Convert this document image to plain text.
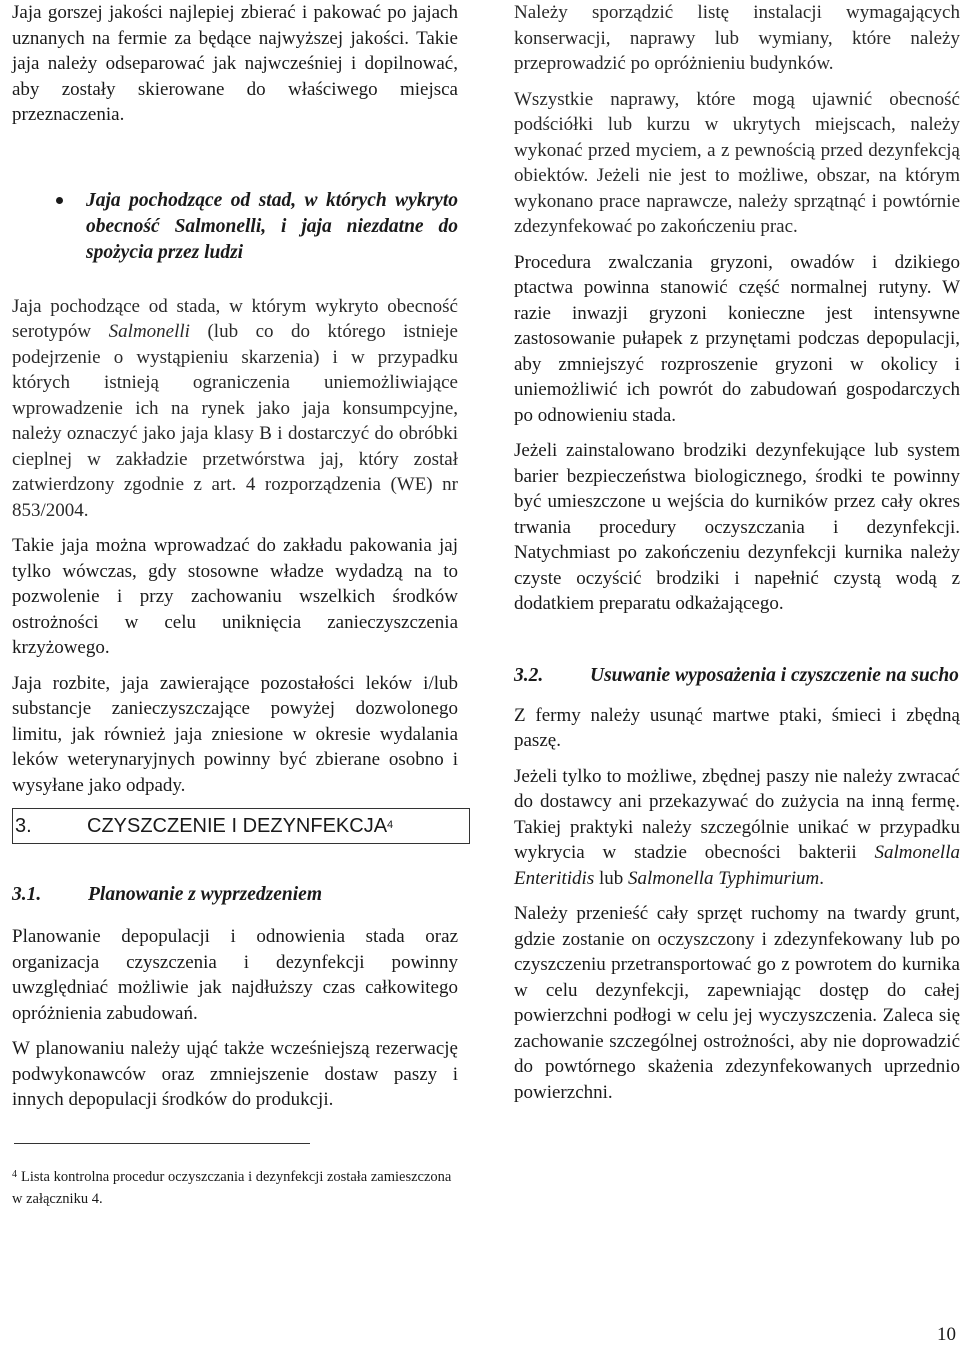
Jaja gorszej jakości najlepiej zbierać i pakować po jajach uznanych na fermie za będące najwyższej jakości. Takie jaja należy odseparować jak najwcześniej i dopilnować, aby zostały skierowane do właściwego miejsca przeznaczenia.

Jaja pochodzące od stad, w których wykryto obecność Salmonelli, i jaja niezdatne do spożycia przez ludzi

Jaja pochodzące od stada, w którym wykryto obecność serotypów Salmonelli (lub co do którego istnieje podejrzenie o wystąpieniu skarzenia) i w przypadku których istnieją ograniczenia uniemożliwiające wprowadzenie ich na rynek jako jaja konsumpcyjne, należy oznaczyć jako jaja klasy B i dostarczyć do obróbki cieplnej w zakładzie przetwórstwa jaj, który został zatwierdzony zgodnie z art. 4 rozporządzenia (WE) nr 853/2004.

Takie jaja można wprowadzać do zakładu pakowania jaj tylko wówczas, gdy stosowne władze wydadzą na to pozwolenie i przy zachowaniu wszelkich środków ostrożności w celu uniknięcia zanieczyszczenia krzyżowego.

Jaja rozbite, jaja zawierające pozostałości leków i/lub substancje zanieczyszczające powyżej dozwolonego limitu, jak również jaja zniesione w okresie wydalania leków weterynaryjnych powinny być zbierane osobno i wysyłane jako odpady.

3.	CZYSZCZENIE I DEZYNFEKCJA$^4$
3.1.	Planowanie z wyprzedzeniem

Planowanie depopulacji i odnowienia stada oraz organizacja czyszczenia i dezynfekcji powinny uwzględniać możliwie jak najdłuższy czas całkowitego opróżnienia zabudowań.

W planowaniu należy ująć także wcześniejszą rezerwację podwykonawców oraz zmniejszenie dostaw paszy i innych depopulacji środków do produkcji.

$^4$ Lista kontrolna procedur oczyszczania i dezynfekcji została zamieszczona w załączniku 4.

Należy sporządzić listę instalacji wymagających konserwacji, naprawy lub wymiany, które należy przeprowadzić po opróżnieniu budynków.

Wszystkie naprawy, które mogą ujawnić obecność podściółki lub kurzu w ukrytych miejscach, należy wykonać przed myciem, a z pewnością przed dezynfekcją obiektów. Jeżeli nie jest to możliwe, obszar, na którym wykonano prace naprawcze, należy sprzątnąć i powtórnie zdezynfekować po zakończeniu prac.

Procedura zwalczania gryzoni, owadów i dzikiego ptactwa powinna stanowić część normalnej rutyny. W razie inwazji gryzoni konieczne jest intensywne zastosowanie pułapek z przynętami podczas depopulacji, aby zmniejszyć rozproszenie gryzoni w okolicy i uniemożliwić ich powrót do zabudowań gospodarczych po odnowieniu stada.

Jeżeli zainstalowano brodziki dezynfekujące lub system barier bezpieczeństwa biologicznego, środki te powinny być umieszczone u wejścia do kurników przez cały okres trwania procedury oczyszczania i dezynfekcji. Natychmiast po zakończeniu dezynfekcji kurnika należy czyste oczyścić brodziki i napełnić czystą wodą z dodatkiem preparatu odkażającego.

3.2.	Usuwanie wyposażenia i czyszczenie na sucho

Z fermy należy usunąć martwe ptaki, śmieci i zbędną paszę.

Jeżeli tylko to możliwe, zbędnej paszy nie należy zwracać do dostawcy ani przekazywać do zużycia na inną fermę. Takiej praktyki należy szczególnie unikać w przypadku wykrycia w stadzie obecności bakterii Salmonella Enteritidis lub Salmonella Typhimurium.

Należy przenieść cały sprzęt ruchomy na twardy grunt, gdzie zostanie on oczyszczony i zdezynfekowany lub po czyszczeniu przetransportować go z powrotem do kurnika w celu dezynfekcji, zapewniając dostęp do całej powierzchni podłogi w celu jej wyczyszczenia. Zaleca się zachowanie szczególnej ostrożności, aby nie doprowadzić do powtórnego skażenia zdezynfekowanych uprzednio powierzchni.

10
